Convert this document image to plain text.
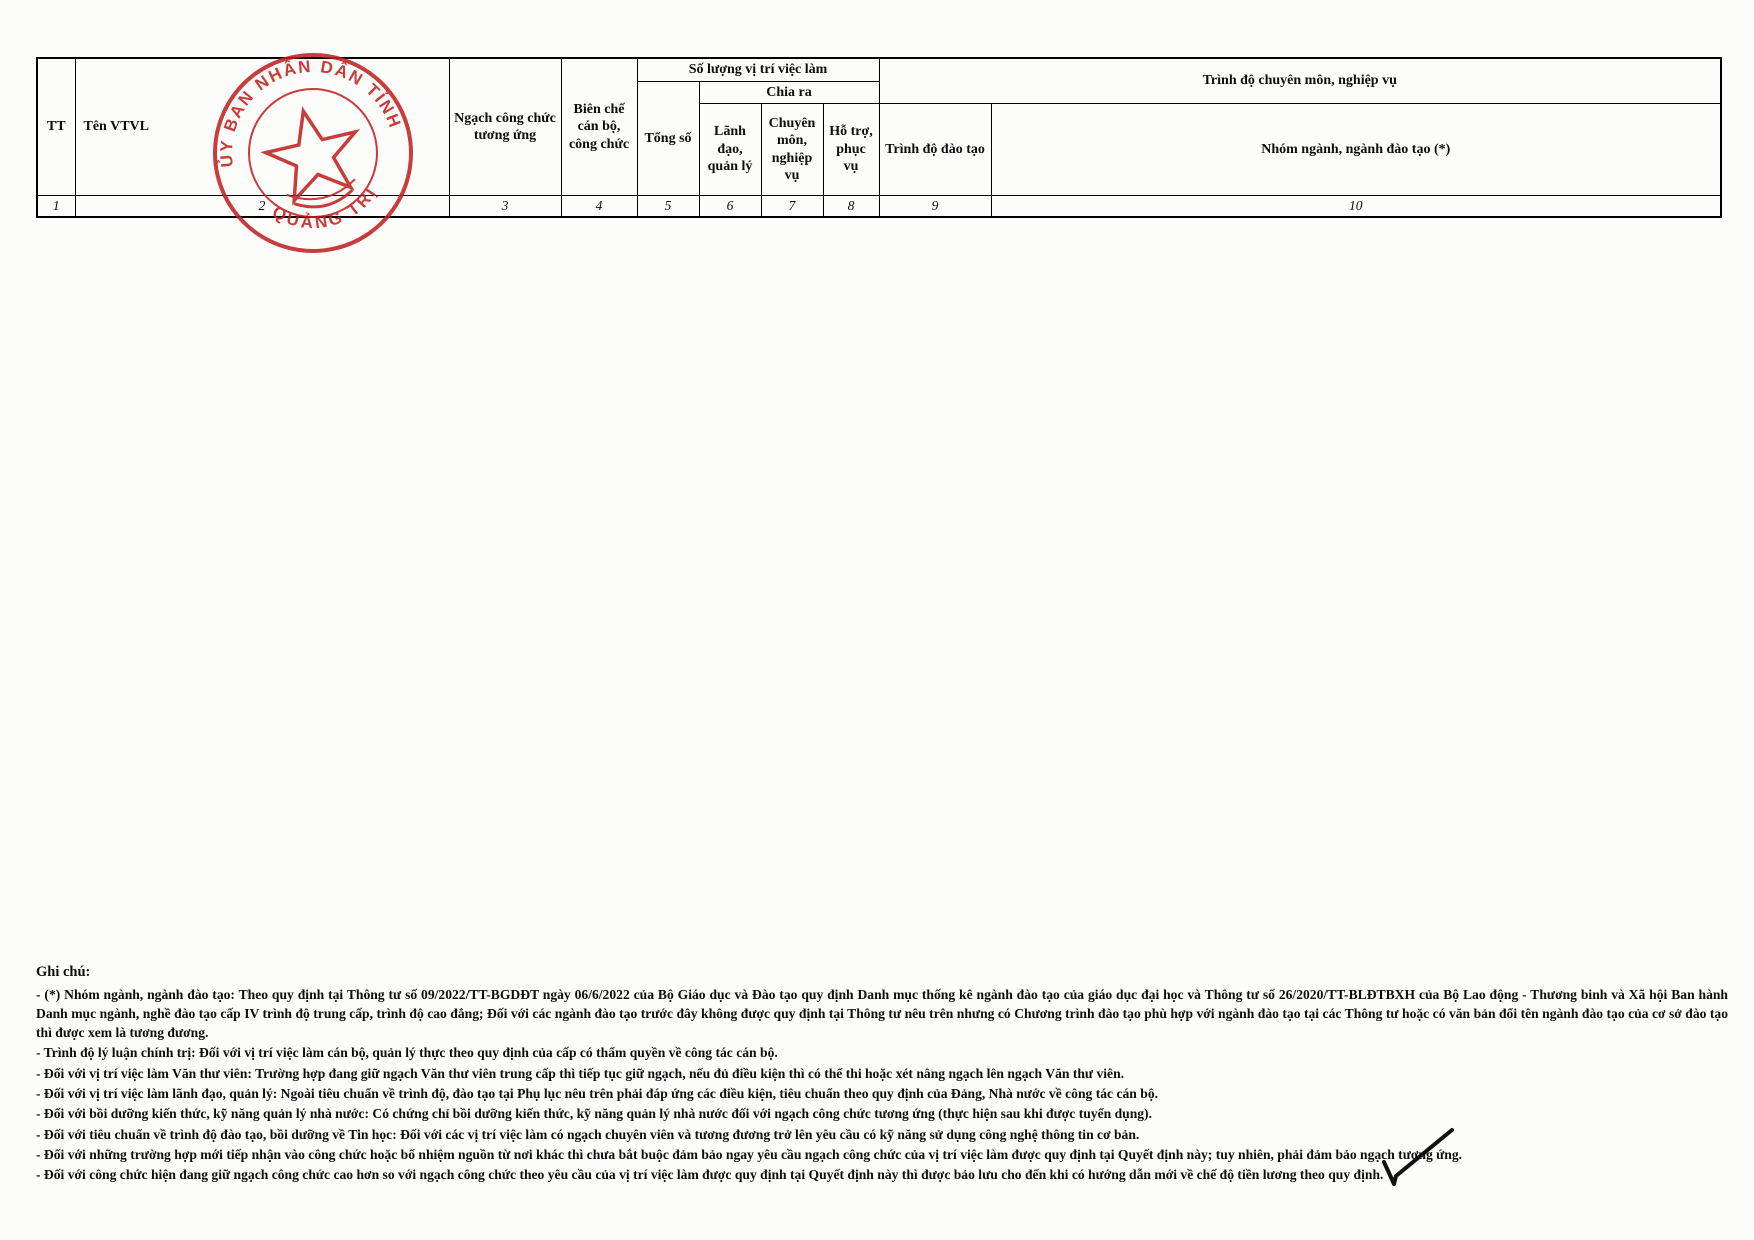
TT	Tên VTVL	Ngạch công chức tương ứng	Biên chế cán bộ, công chức	Số lượng vị trí việc làm				Trình độ chuyên môn, nghiệp vụ	
				Tổng số	Chia ra				
					Lãnh đạo, quản lý	Chuyên môn, nghiệp vụ	Hỗ trợ, phục vụ	Trình độ đào tạo	Nhóm ngành, ngành đào tạo (*)
1	2	3	4	5	6	7	8	9	10
ỦY BAN NHÂN DÂN TỈNH
QUẢNG TRỊ
Ghi chú:
- (*) Nhóm ngành, ngành đào tạo: Theo quy định tại Thông tư số 09/2022/TT-BGDĐT ngày 06/6/2022 của Bộ Giáo dục và Đào tạo quy định Danh mục thống kê ngành đào tạo của giáo dục đại học và Thông tư số 26/2020/TT-BLĐTBXH của Bộ Lao động - Thương binh và Xã hội Ban hành Danh mục ngành, nghề đào tạo cấp IV trình độ trung cấp, trình độ cao đẳng; Đối với các ngành đào tạo trước đây không được quy định tại Thông tư nêu trên nhưng có Chương trình đào tạo phù hợp với ngành đào tạo tại các Thông tư hoặc có văn bản đổi tên ngành đào tạo của cơ sở đào tạo thì được xem là tương đương.
- Trình độ lý luận chính trị: Đối với vị trí việc làm cán bộ, quản lý thực theo quy định của cấp có thẩm quyền về công tác cán bộ.
- Đối với vị trí việc làm Văn thư viên: Trường hợp đang giữ ngạch Văn thư viên trung cấp thì tiếp tục giữ ngạch, nếu đủ điều kiện thì có thể thi hoặc xét nâng ngạch lên ngạch Văn thư viên.
- Đối với vị trí việc làm lãnh đạo, quản lý: Ngoài tiêu chuẩn về trình độ, đào tạo tại Phụ lục nêu trên phải đáp ứng các điều kiện, tiêu chuẩn theo quy định của Đảng, Nhà nước về công tác cán bộ.
- Đối với bồi dưỡng kiến thức, kỹ năng quản lý nhà nước: Có chứng chỉ bồi dưỡng kiến thức, kỹ năng quản lý nhà nước đối với ngạch công chức tương ứng (thực hiện sau khi được tuyển dụng).
- Đối với tiêu chuẩn về trình độ đào tạo, bồi dưỡng về Tin học: Đối với các vị trí việc làm có ngạch chuyên viên và tương đương trở lên yêu cầu có kỹ năng sử dụng công nghệ thông tin cơ bản.
- Đối với những trường hợp mới tiếp nhận vào công chức hoặc bổ nhiệm nguồn từ nơi khác thì chưa bắt buộc đảm bảo ngay yêu cầu ngạch công chức của vị trí việc làm được quy định tại Quyết định này; tuy nhiên, phải đảm bảo ngạch tương ứng.
- Đối với công chức hiện đang giữ ngạch công chức cao hơn so với ngạch công chức theo yêu cầu của vị trí việc làm được quy định tại Quyết định này thì được bảo lưu cho đến khi có hướng dẫn mới về chế độ tiền lương theo quy định.
